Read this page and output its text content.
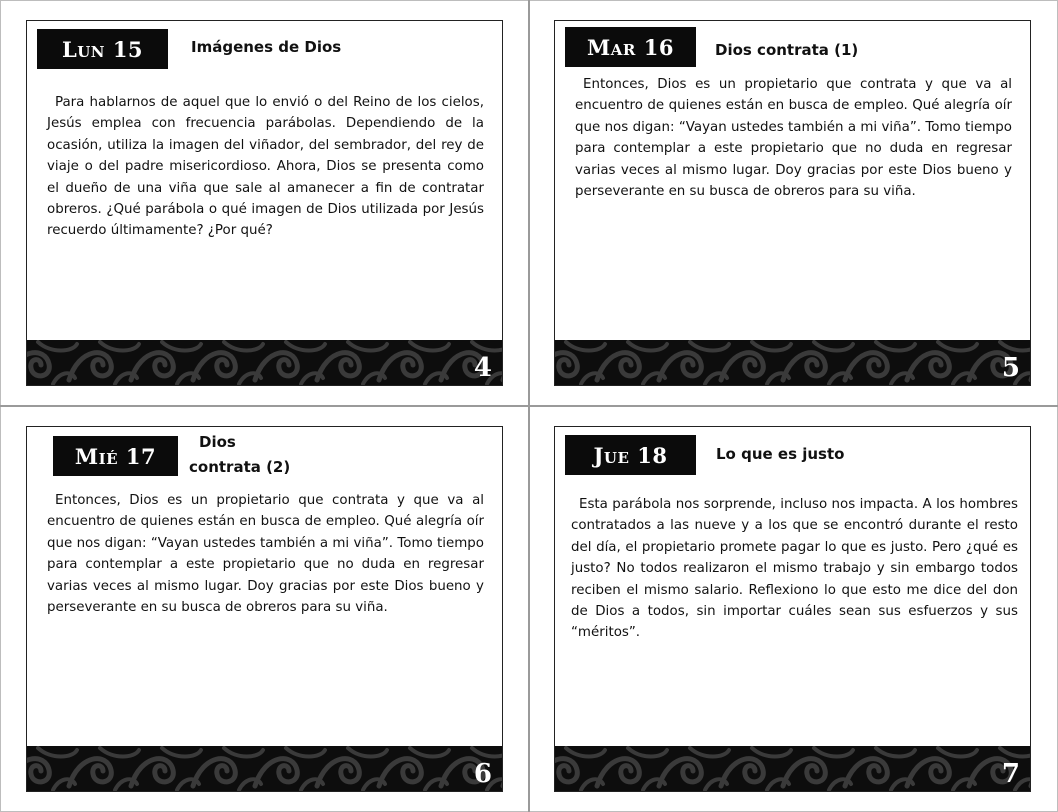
Lun 15	Imágenes de Dios

Para hablarnos de aquel que lo envió o del Reino de los cielos, Jesús emplea con frecuencia parábolas. Dependiendo de la ocasión, utiliza la imagen del viñador, del sembrador, del rey de viaje o del padre misericordioso. Ahora, Dios se presenta como el dueño de una viña que sale al amanecer a fin de contratar obreros. ¿Qué parábola o qué imagen de Dios utilizada por Jesús recuerdo últimamente? ¿Por qué?

4
Mar 16	Dios contrata (1)

Entonces, Dios es un propietario que contrata y que va al encuentro de quienes están en busca de empleo. Qué alegría oír que nos digan: “Vayan ustedes también a mi viña”. Tomo tiempo para contemplar a este propietario que no duda en regresar varias veces al mismo lugar. Doy gracias por este Dios bueno y perseverante en su busca de obreros para su viña.

5
Mié 17
Dios
contrata (2)

Entonces, Dios es un propietario que contrata y que va al encuentro de quienes están en busca de empleo. Qué alegría oír que nos digan: “Vayan ustedes también a mi viña”. Tomo tiempo para contemplar a este propietario que no duda en regresar varias veces al mismo lugar. Doy gracias por este Dios bueno y perseverante en su busca de obreros para su viña.

6
Jue 18	Lo que es justo

Esta parábola nos sorprende, incluso nos impacta. A los hombres contratados a las nueve y a los que se encontró durante el resto del día, el propietario promete pagar lo que es justo. Pero ¿qué es justo? No todos realizaron el mismo trabajo y sin embargo todos reciben el mismo salario. Reflexiono lo que esto me dice del don de Dios a todos, sin importar cuáles sean sus esfuerzos y sus “méritos”.

7
